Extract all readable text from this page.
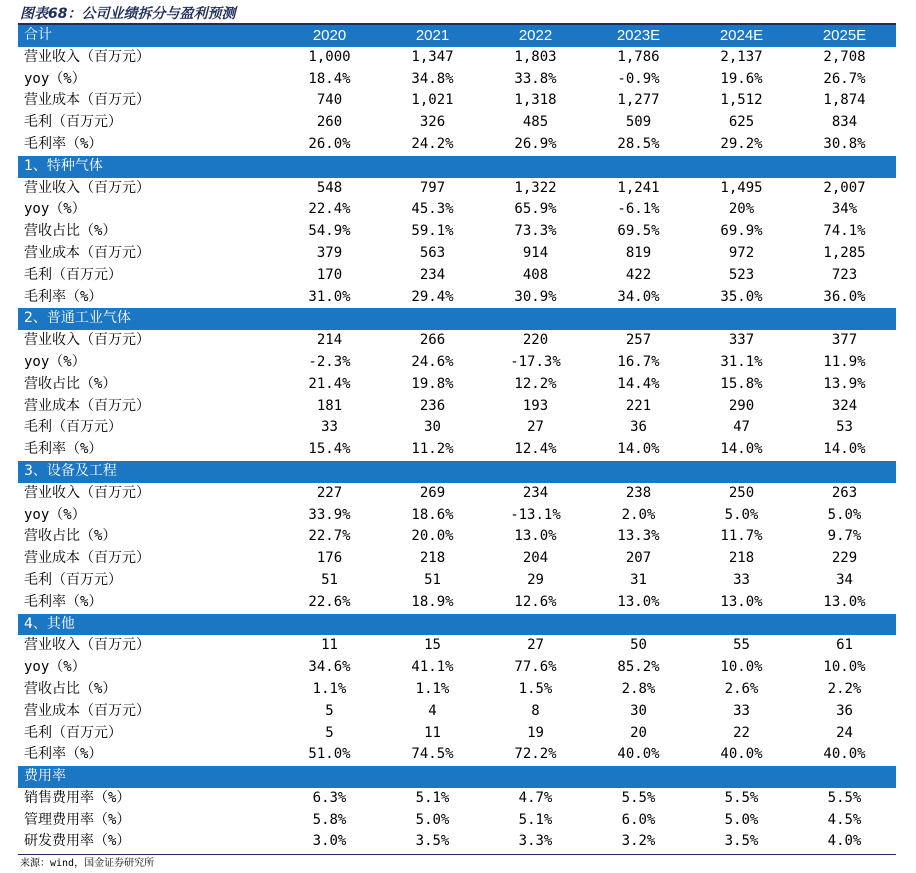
图表68：公司业绩拆分与盈利预测
合计	2020	2021	2022	2023E	2024E	2025E
营业收入（百万元）	1,000	1,347	1,803	1,786	2,137	2,708
yoy（%）	18.4%	34.8%	33.8%	-0.9%	19.6%	26.7%
营业成本（百万元）	740	1,021	1,318	1,277	1,512	1,874
毛利（百万元）	260	326	485	509	625	834
毛利率（%）	26.0%	24.2%	26.9%	28.5%	29.2%	30.8%
1、特种气体						
营业收入（百万元）	548	797	1,322	1,241	1,495	2,007
yoy（%）	22.4%	45.3%	65.9%	-6.1%	20%	34%
营收占比（%）	54.9%	59.1%	73.3%	69.5%	69.9%	74.1%
营业成本（百万元）	379	563	914	819	972	1,285
毛利（百万元）	170	234	408	422	523	723
毛利率（%）	31.0%	29.4%	30.9%	34.0%	35.0%	36.0%
2、普通工业气体						
营业收入（百万元）	214	266	220	257	337	377
yoy（%）	-2.3%	24.6%	-17.3%	16.7%	31.1%	11.9%
营收占比（%）	21.4%	19.8%	12.2%	14.4%	15.8%	13.9%
营业成本（百万元）	181	236	193	221	290	324
毛利（百万元）	33	30	27	36	47	53
毛利率（%）	15.4%	11.2%	12.4%	14.0%	14.0%	14.0%
3、设备及工程						
营业收入（百万元）	227	269	234	238	250	263
yoy（%）	33.9%	18.6%	-13.1%	2.0%	5.0%	5.0%
营收占比（%）	22.7%	20.0%	13.0%	13.3%	11.7%	9.7%
营业成本（百万元）	176	218	204	207	218	229
毛利（百万元）	51	51	29	31	33	34
毛利率（%）	22.6%	18.9%	12.6%	13.0%	13.0%	13.0%
4、其他						
营业收入（百万元）	11	15	27	50	55	61
yoy（%）	34.6%	41.1%	77.6%	85.2%	10.0%	10.0%
营收占比（%）	1.1%	1.1%	1.5%	2.8%	2.6%	2.2%
营业成本（百万元）	5	4	8	30	33	36
毛利（百万元）	5	11	19	20	22	24
毛利率（%）	51.0%	74.5%	72.2%	40.0%	40.0%	40.0%
费用率						
销售费用率（%）	6.3%	5.1%	4.7%	5.5%	5.5%	5.5%
管理费用率（%）	5.8%	5.0%	5.1%	6.0%	5.0%	4.5%
研发费用率（%）	3.0%	3.5%	3.3%	3.2%	3.5%	4.0%
来源：wind，国金证券研究所
